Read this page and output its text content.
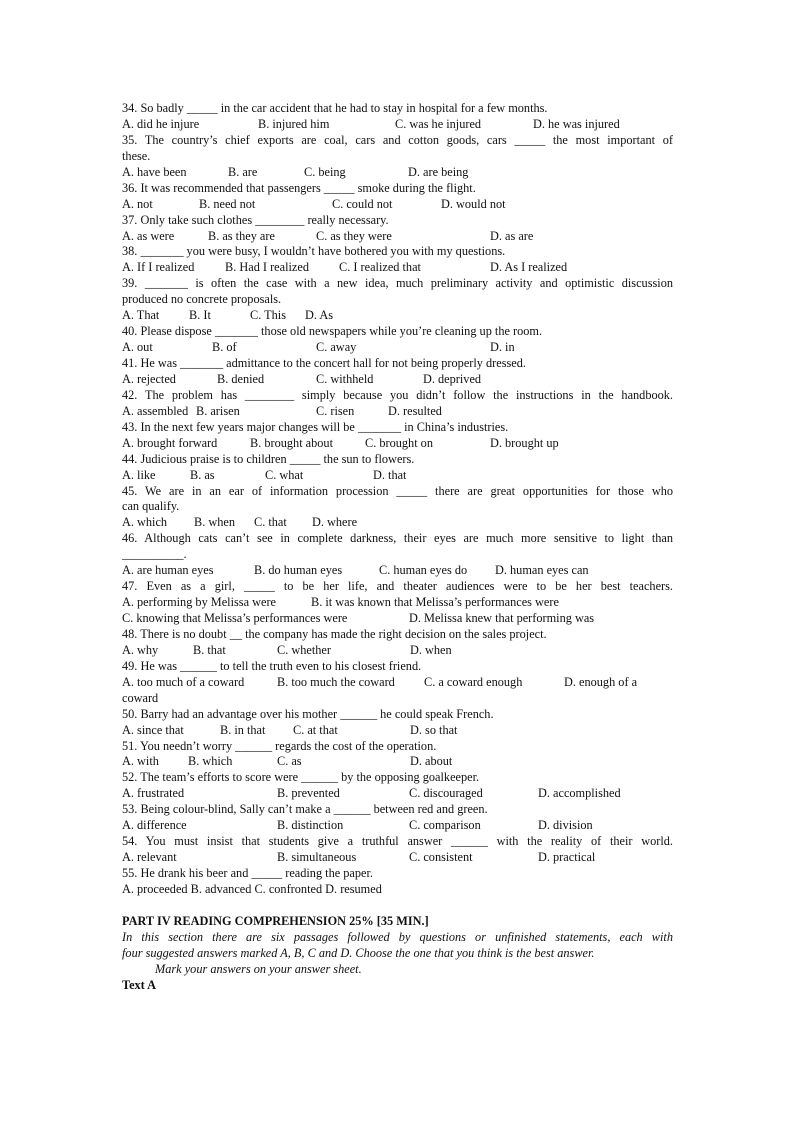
34. So badly _____ in the car accident that he had to stay in hospital for a few months.
A. did he injure	B. injured him	C. was he injured	D. he was injured
35. The country’s chief exports are coal, cars and cotton goods, cars _____ the most important of
these.
A. have been	B. are	C. being	D. are being
36. It was recommended that passengers _____ smoke during the flight.
A. not	B. need not	C. could not	D. would not
37. Only take such clothes ________ really necessary.
A. as were	B. as they are	C. as they were	D. as are
38. _______ you were busy, I wouldn’t have bothered you with my questions.
A. If I realized B. Had I realized C. I realized that	D. As I realized
39. _______ is often the case with a new idea, much preliminary activity and optimistic discussion
produced no concrete proposals.
A. That B. It	C. This D. As
40. Please dispose _______ those old newspapers while you’re cleaning up the room.
A. out	B. of	C. away	D. in
41. He was _______ admittance to the concert hall for not being properly dressed.
A. rejected	B. denied	C. withheld	D. deprived
42. The problem has ________ simply because you didn’t follow the instructions in the handbook.
A. assembled B. arisen	C. risen	D. resulted
43. In the next few years major changes will be _______ in China’s industries.
A. brought forward	B. brought about	C. brought on	D. brought up
44. Judicious praise is to children _____ the sun to flowers.
A. like	B. as	C. what	D. that
45. We are in an ear of information procession _____ there are great opportunities for those who
can qualify.
A. which B. when C. that D. where
46. Although cats can’t see in complete darkness, their eyes are much more sensitive to light than
__________.
A. are human eyes	B. do human eyes	C. human eyes do D. human eyes can
47. Even as a girl, _____ to be her life, and theater audiences were to be her best teachers.
A. performing by Melissa were	B. it was known that Melissa’s performances were
C. knowing that Melissa’s performances were	D. Melissa knew that performing was
48. There is no doubt __ the company has made the right decision on the sales project.
A. why	B. that	C. whether	D. when
49. He was ______ to tell the truth even to his closest friend.
A. too much of a coward	B. too much the coward C. a coward enough	D. enough of a
coward
50. Barry had an advantage over his mother ______ he could speak French.
A. since that	B. in that C. at that	D. so that
51. You needn’t worry ______ regards the cost of the operation.
A. with B. which	C. as	D. about
52. The team’s efforts to score were ______ by the opposing goalkeeper.
A. frustrated	B. prevented	C. discouraged	D. accomplished
53. Being colour-blind, Sally can’t make a ______ between red and green.
A. difference	B. distinction	C. comparison	D. division
54. You must insist that students give a truthful answer ______ with the reality of their world.
A. relevant	B. simultaneous	C. consistent	D. practical
55. He drank his beer and _____ reading the paper.
A. proceeded B. advanced C. confronted D. resumed
PART IV READING COMPREHENSION 25% [35 MIN.]
In this section there are six passages followed by questions or unfinished statements, each with
four suggested answers marked A, B, C and D. Choose the one that you think is the best answer.
Mark your answers on your answer sheet.
Text A
